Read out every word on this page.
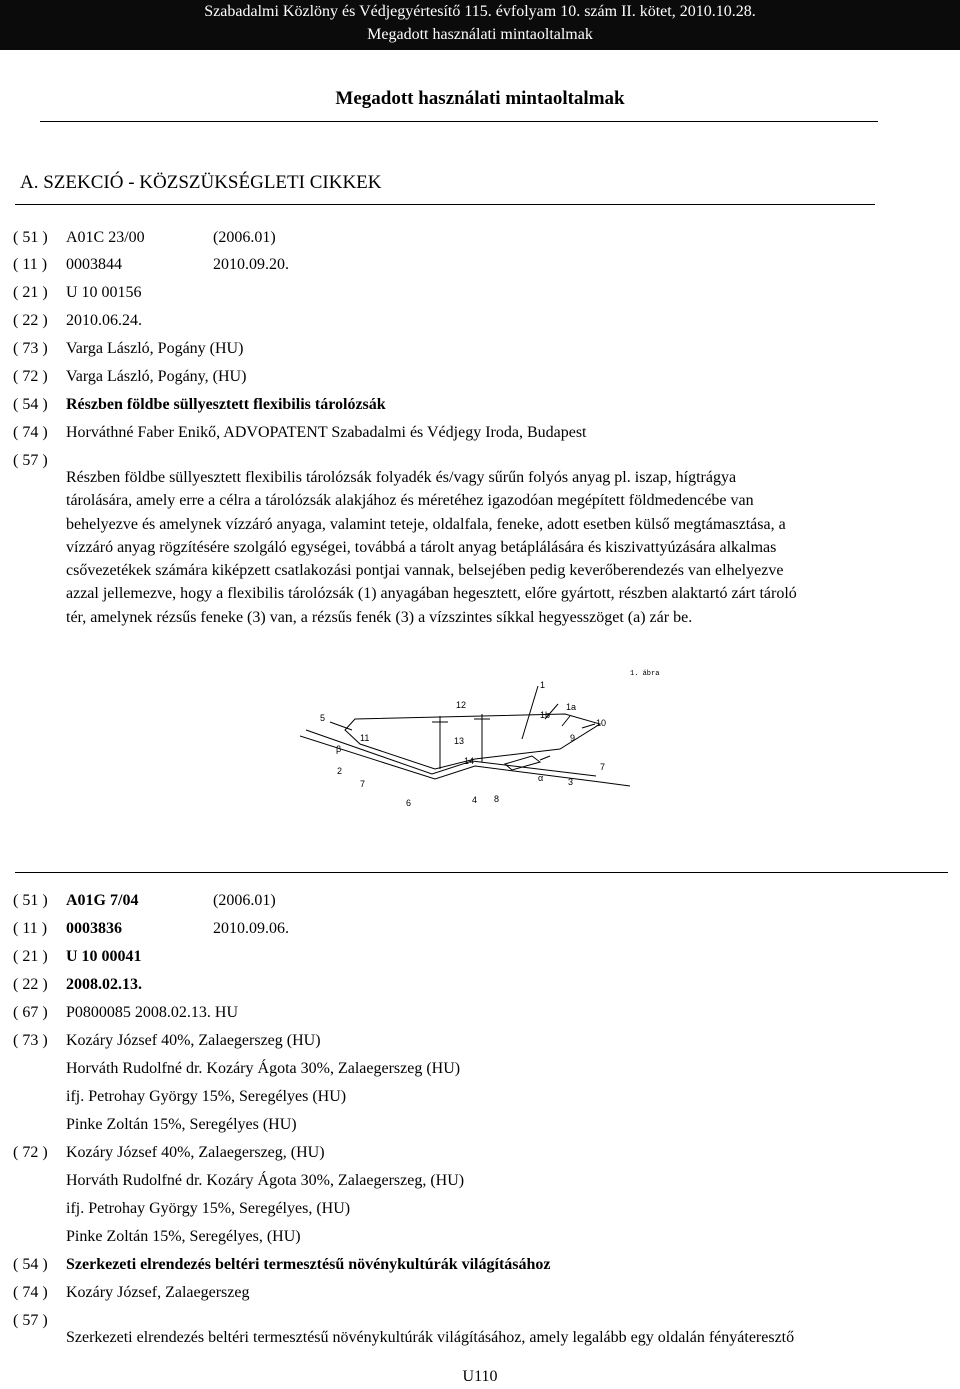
Szabadalmi Közlöny és Védjegyértesítő 115. évfolyam 10. szám II. kötet, 2010.10.28.
Megadott használati mintaoltalmak
Megadott használati mintaoltalmak
A. SZEKCIÓ - KÖZSZÜKSÉGLETI CIKKEK
( 51 ) A01C 23/00	(2006.01)
( 11 ) 0003844	2010.09.20.
( 21 ) U 10 00156
( 22 ) 2010.06.24.
( 73 ) Varga László, Pogány (HU)
( 72 ) Varga László, Pogány, (HU)
( 54 ) Részben földbe süllyesztett flexibilis tárolózsák
( 74 ) Horváthné Faber Enikő, ADVOPATENT Szabadalmi és Védjegy Iroda, Budapest
( 57 )

Részben földbe süllyesztett flexibilis tárolózsák folyadék és/vagy sűrűn folyós anyag pl. iszap, hígtrágya

tárolására, amely erre a célra a tárolózsák alakjához és méretéhez igazodóan megépített földmedencébe van

behelyezve és amelynek vízzáró anyaga, valamint teteje, oldalfala, feneke, adott esetben külső megtámasztása, a

vízzáró anyag rögzítésére szolgáló egységei, továbbá a tárolt anyag betáplálására és kiszivattyúzására alkalmas

csővezetékek számára kiképzett csatlakozási pontjai vannak, belsejében pedig keverőberendezés van elhelyezve

azzal jellemezve, hogy a flexibilis tárolózsák (1) anyagában hegesztett, előre gyártott, részben alaktartó zárt tároló

tér, amelynek rézsűs feneke (3) van, a rézsűs fenék (3) a vízszintes síkkal hegyesszöget (a) zár be.

1. ábra
1
1a
1b
2
3
4
5
6
7
7
8
9
10
11
12
13
14
β
α
( 51 ) A01G 7/04	(2006.01)
( 11 ) 0003836	2010.09.06.
( 21 ) U 10 00041
( 22 ) 2008.02.13.
( 67 ) P0800085 2008.02.13. HU
( 73 ) Kozáry József 40%, Zalaegerszeg (HU)
Horváth Rudolfné dr. Kozáry Ágota 30%, Zalaegerszeg (HU)
ifj. Petrohay György 15%, Seregélyes (HU)
Pinke Zoltán 15%, Seregélyes (HU)
( 72 ) Kozáry József 40%, Zalaegerszeg, (HU)
Horváth Rudolfné dr. Kozáry Ágota 30%, Zalaegerszeg, (HU)
ifj. Petrohay György 15%, Seregélyes, (HU)
Pinke Zoltán 15%, Seregélyes, (HU)
( 54 ) Szerkezeti elrendezés beltéri termesztésű növénykultúrák világításához
( 74 ) Kozáry József, Zalaegerszeg
( 57 )

Szerkezeti elrendezés beltéri termesztésű növénykultúrák világításához, amely legalább egy oldalán fényáteresztő

U110
